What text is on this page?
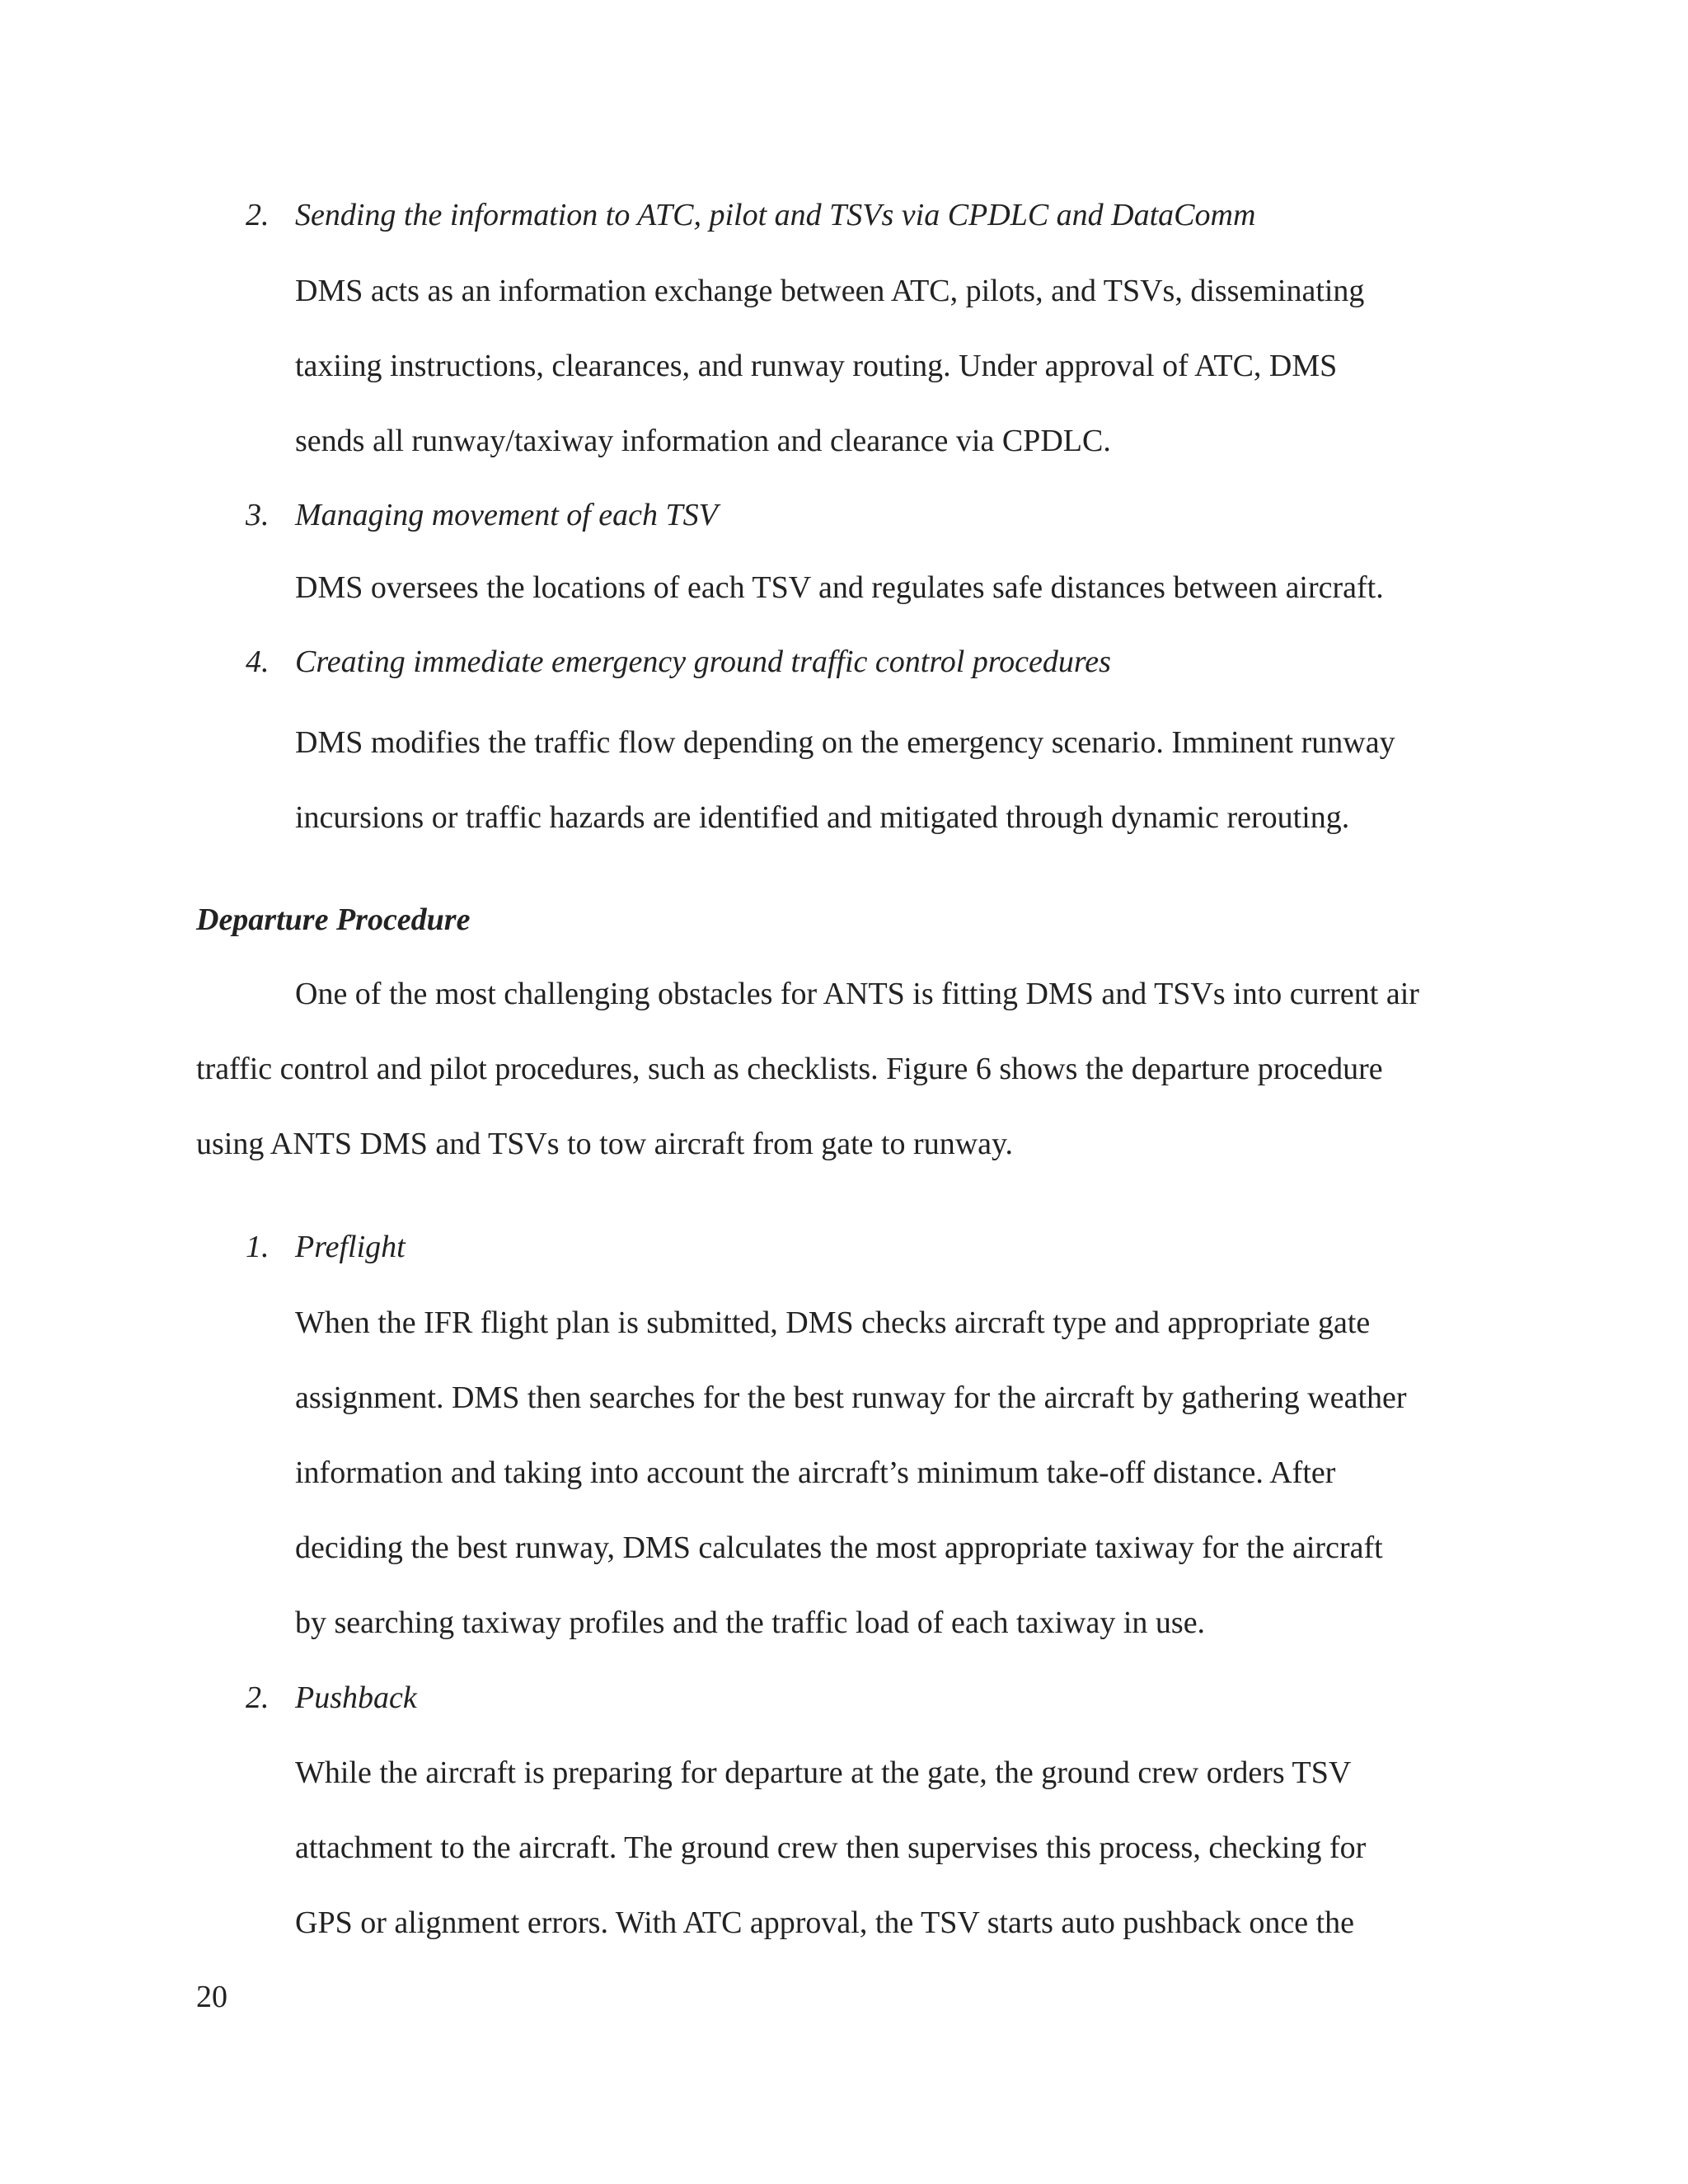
2. Sending the information to ATC, pilot and TSVs via CPDLC and DataComm

DMS acts as an information exchange between ATC, pilots, and TSVs, disseminating

taxiing instructions, clearances, and runway routing. Under approval of ATC, DMS

sends all runway/taxiway information and clearance via CPDLC.

3. Managing movement of each TSV

DMS oversees the locations of each TSV and regulates safe distances between aircraft.

4. Creating immediate emergency ground traffic control procedures

DMS modifies the traffic flow depending on the emergency scenario. Imminent runway

incursions or traffic hazards are identified and mitigated through dynamic rerouting.

Departure Procedure

One of the most challenging obstacles for ANTS is fitting DMS and TSVs into current air

traffic control and pilot procedures, such as checklists. Figure 6 shows the departure procedure

using ANTS DMS and TSVs to tow aircraft from gate to runway.

1. Preflight

When the IFR flight plan is submitted, DMS checks aircraft type and appropriate gate

assignment. DMS then searches for the best runway for the aircraft by gathering weather

information and taking into account the aircraft’s minimum take-off distance. After

deciding the best runway, DMS calculates the most appropriate taxiway for the aircraft

by searching taxiway profiles and the traffic load of each taxiway in use.

2. Pushback

While the aircraft is preparing for departure at the gate, the ground crew orders TSV

attachment to the aircraft. The ground crew then supervises this process, checking for

GPS or alignment errors. With ATC approval, the TSV starts auto pushback once the

20
